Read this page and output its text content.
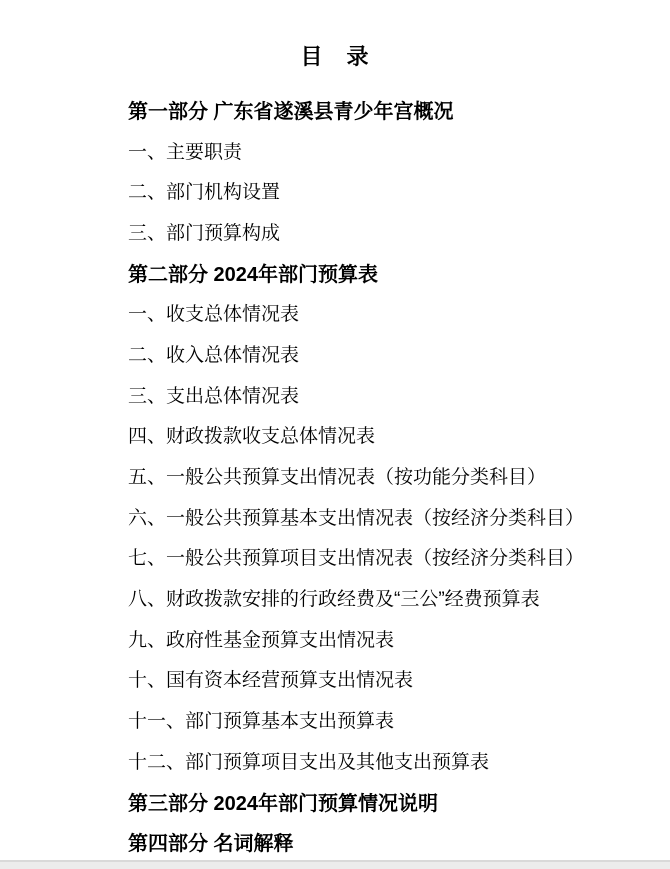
目　录
第一部分 广东省遂溪县青少年宫概况
一、主要职责
二、部门机构设置
三、部门预算构成
第二部分 2024年部门预算表
一、收支总体情况表
二、收入总体情况表
三、支出总体情况表
四、财政拨款收支总体情况表
五、一般公共预算支出情况表（按功能分类科目）
六、一般公共预算基本支出情况表（按经济分类科目）
七、一般公共预算项目支出情况表（按经济分类科目）
八、财政拨款安排的行政经费及“三公”经费预算表
九、政府性基金预算支出情况表
十、国有资本经营预算支出情况表
十一、部门预算基本支出预算表
十二、部门预算项目支出及其他支出预算表
第三部分 2024年部门预算情况说明
第四部分 名词解释
